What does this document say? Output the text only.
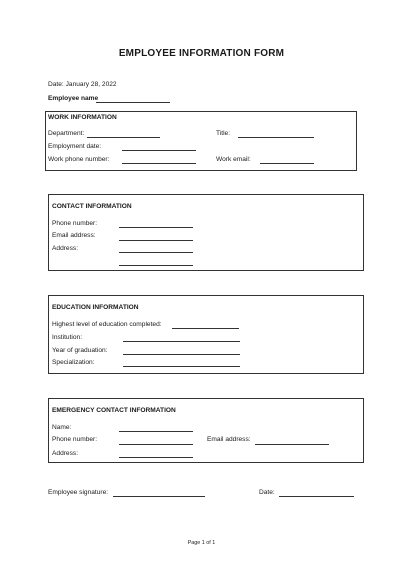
EMPLOYEE INFORMATION FORM
Date: January 28, 2022
Employee name
WORK INFORMATION
Department:	Title:
Employment date:
Work phone number:	Work email:
CONTACT INFORMATION
Phone number:
Email address:
Address:
EDUCATION INFORMATION
Highest level of education completed:
Institution:
Year of graduation:
Specialization:
EMERGENCY CONTACT INFORMATION
Name:
Phone number:	Email address:
Address:
Employee signature:	Date:
Page 1 of 1
